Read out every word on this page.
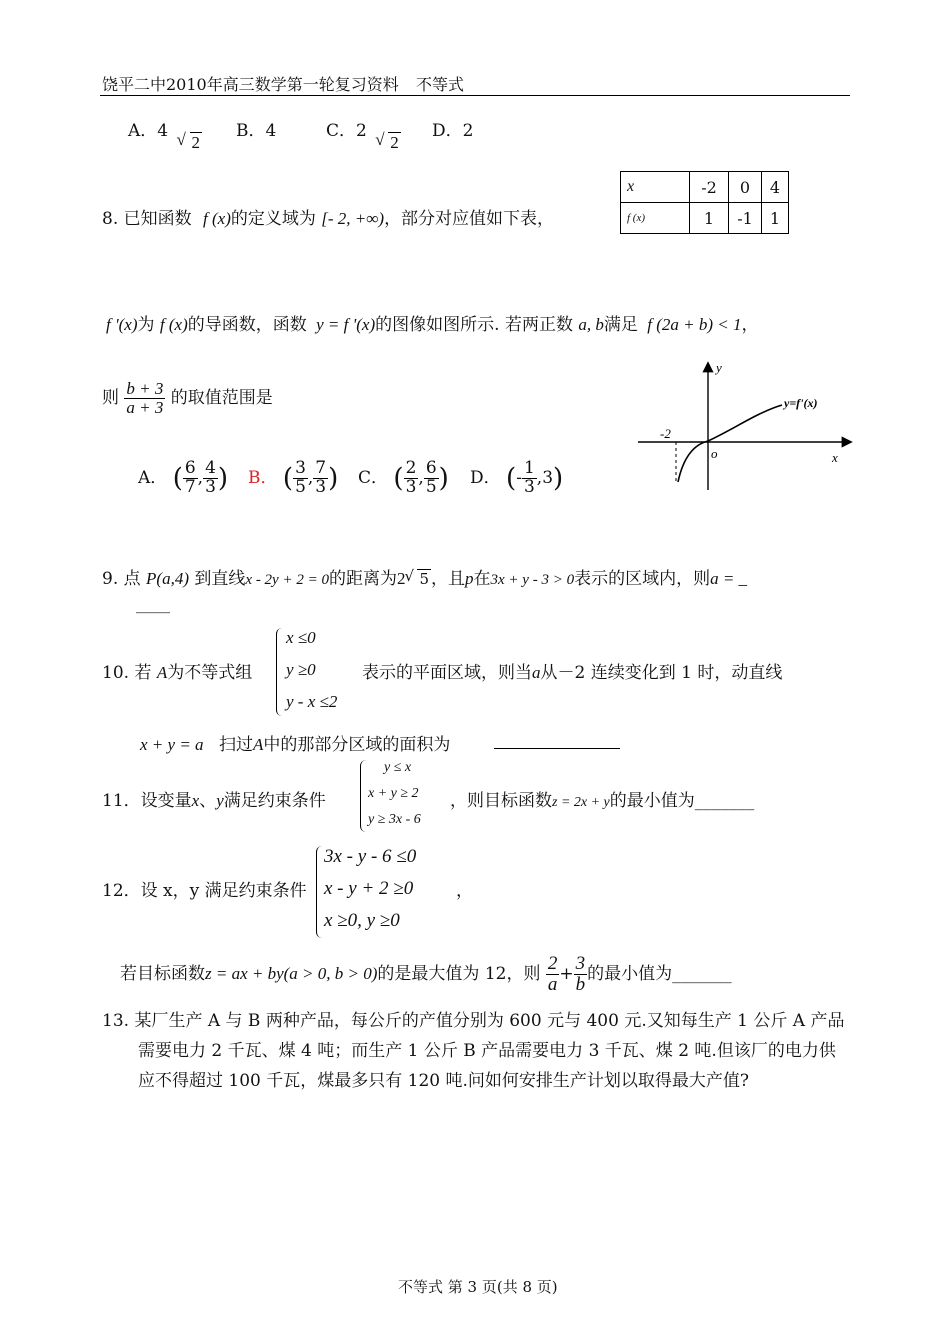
饶平二中2010年高三数学第一轮复习资料 不等式
A．4 √ 2
B．4	C．2 √ 2
D．2
8. 已知函数 f (x)的定义域为 [- 2, +∞)，部分对应值如下表，
x	-2	0	4
f (x)	1	-1	1
f '(x)为 f (x)的导函数，函数 y = f '(x)的图像如图所示. 若两正数 a, b满足 f (2a + b) < 1，
则 $\frac{b + 3}{a + 3}$ 的取值范围是
A． ( $\frac{6}{7}$ , $\frac{4}{3}$ ) B． ( $\frac{3}{5}$ , $\frac{7}{3}$ ) C． ( $\frac{2}{3}$ , $\frac{6}{5}$ ) D． (- $\frac{1}{3} ,3$)
y
x
o
-2
y=f'(x)
9. 点 P(a,4) 到直线x - 2y + 2 = 0的距离为2 √ 5 ，且p在3x + y - 3 > 0表示的区域内，则a = _
____
10. 若 A为不等式组
x ≤0
y ≥0
y - x ≤2
表示的平面区域，则当a从－2 连续变化到 1 时，动直线
x + y = a 扫过A中的那部分区域的面积为
11．设变量x、y满足约束条件
y ≤ x
x + y ≥ 2
y ≥ 3x - 6
，则目标函数z = 2x + y的最小值为_______
12．设 x，y 满足约束条件
3x - y - 6 ≤0
x - y + 2 ≥0
x ≥0, y ≥0
，
若目标函数z = ax + by(a > 0, b > 0)的是最大值为 12，则 $\frac{2}{a} + \frac{3}{b}$ 的最小值为_______
13. 某厂生产 A 与 B 两种产品，每公斤的产值分别为 600 元与 400 元.又知每生产 1 公斤 A 产品
需要电力 2 千瓦、煤 4 吨；而生产 1 公斤 B 产品需要电力 3 千瓦、煤 2 吨.但该厂的电力供
应不得超过 100 千瓦，煤最多只有 120 吨.问如何安排生产计划以取得最大产值?
不等式 第 3 页(共 8 页)
